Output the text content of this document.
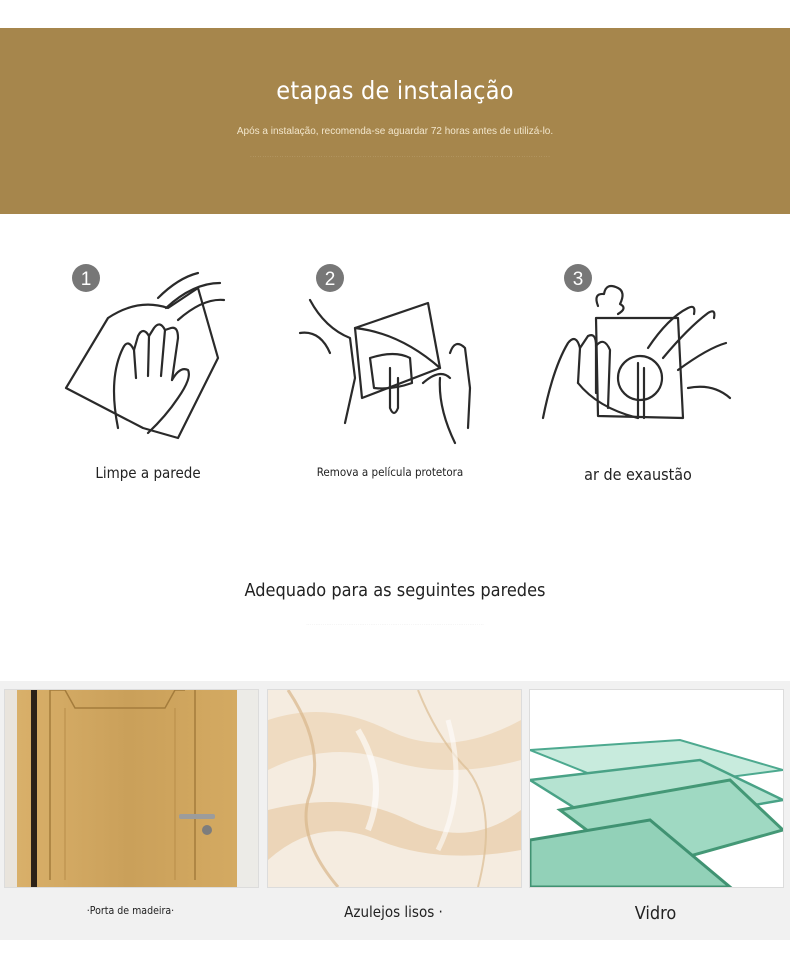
etapas de instalação
Após a instalação, recomenda-se aguardar 72 horas antes de utilizá-lo.
· · · · · · · · · · · · · · · · · · · · · · · · · · · · · · · · · · · · · · · · · · · · · · · · · · · · · · · · · · · · · · · · · · · · · · · · · · · · · · · · · · · · · · · · · · · · · · · · · · · · · · · · · · · · · · · · · · · · · · · · · · ·
1
Limpe a parede
2
Remova a película protetora
3
ar de exaustão
Adequado para as seguintes paredes
· · · · · · · · · · · · · · · · · · · · · · · · · · · · · · · · · · · · · · · · · · · · · · · · · · · · · · · · · · · · · · · · · · · · · · · · · · · · · · · · · · · · · · · · · · · · · · · · ·
·Porta de madeira·	Azulejos lisos ·	Vidro
